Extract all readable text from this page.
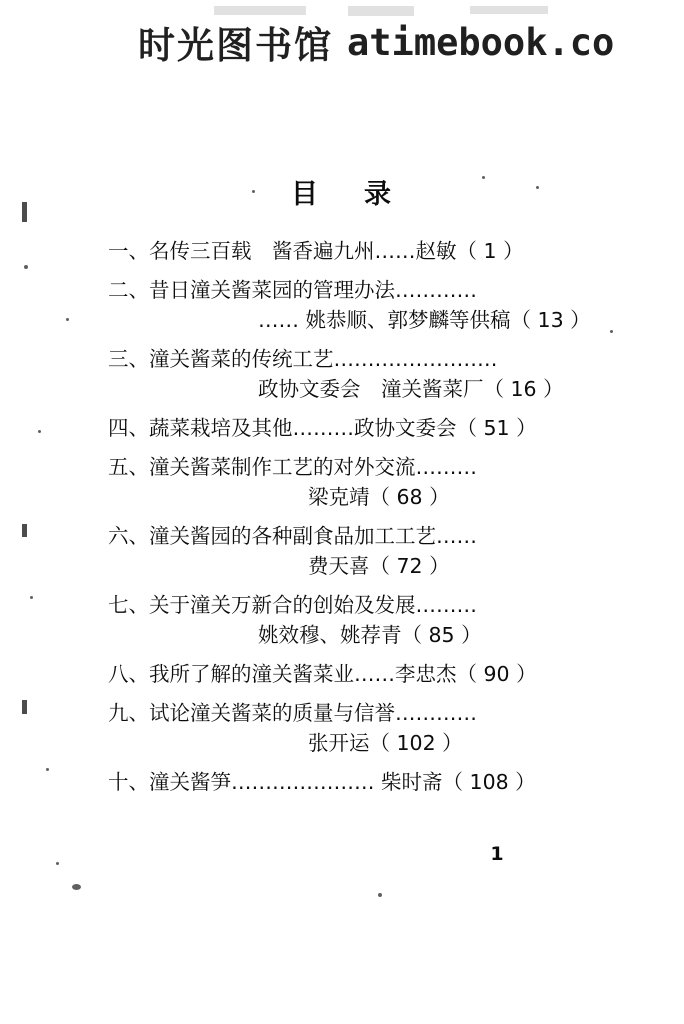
时光图书馆 atimebook.co
目 录
一、名传三百载　酱香遍九州……赵敏（ 1 ）
二、昔日潼关酱菜园的管理办法…………
…… 姚恭顺、郭梦麟等供稿（ 13 ）
三、潼关酱菜的传统工艺……………………
政协文委会　潼关酱菜厂（ 16 ）
四、蔬菜栽培及其他………政协文委会（ 51 ）
五、潼关酱菜制作工艺的对外交流………
梁克靖（ 68 ）
六、潼关酱园的各种副食品加工工艺……
费天喜（ 72 ）
七、关于潼关万新合的创始及发展………
姚效穆、姚荐青（ 85 ）
八、我所了解的潼关酱菜业……李忠杰（ 90 ）
九、试论潼关酱菜的质量与信誉…………
张开运（ 102 ）
十、潼关酱笋………………… 柴时斋（ 108 ）
1
